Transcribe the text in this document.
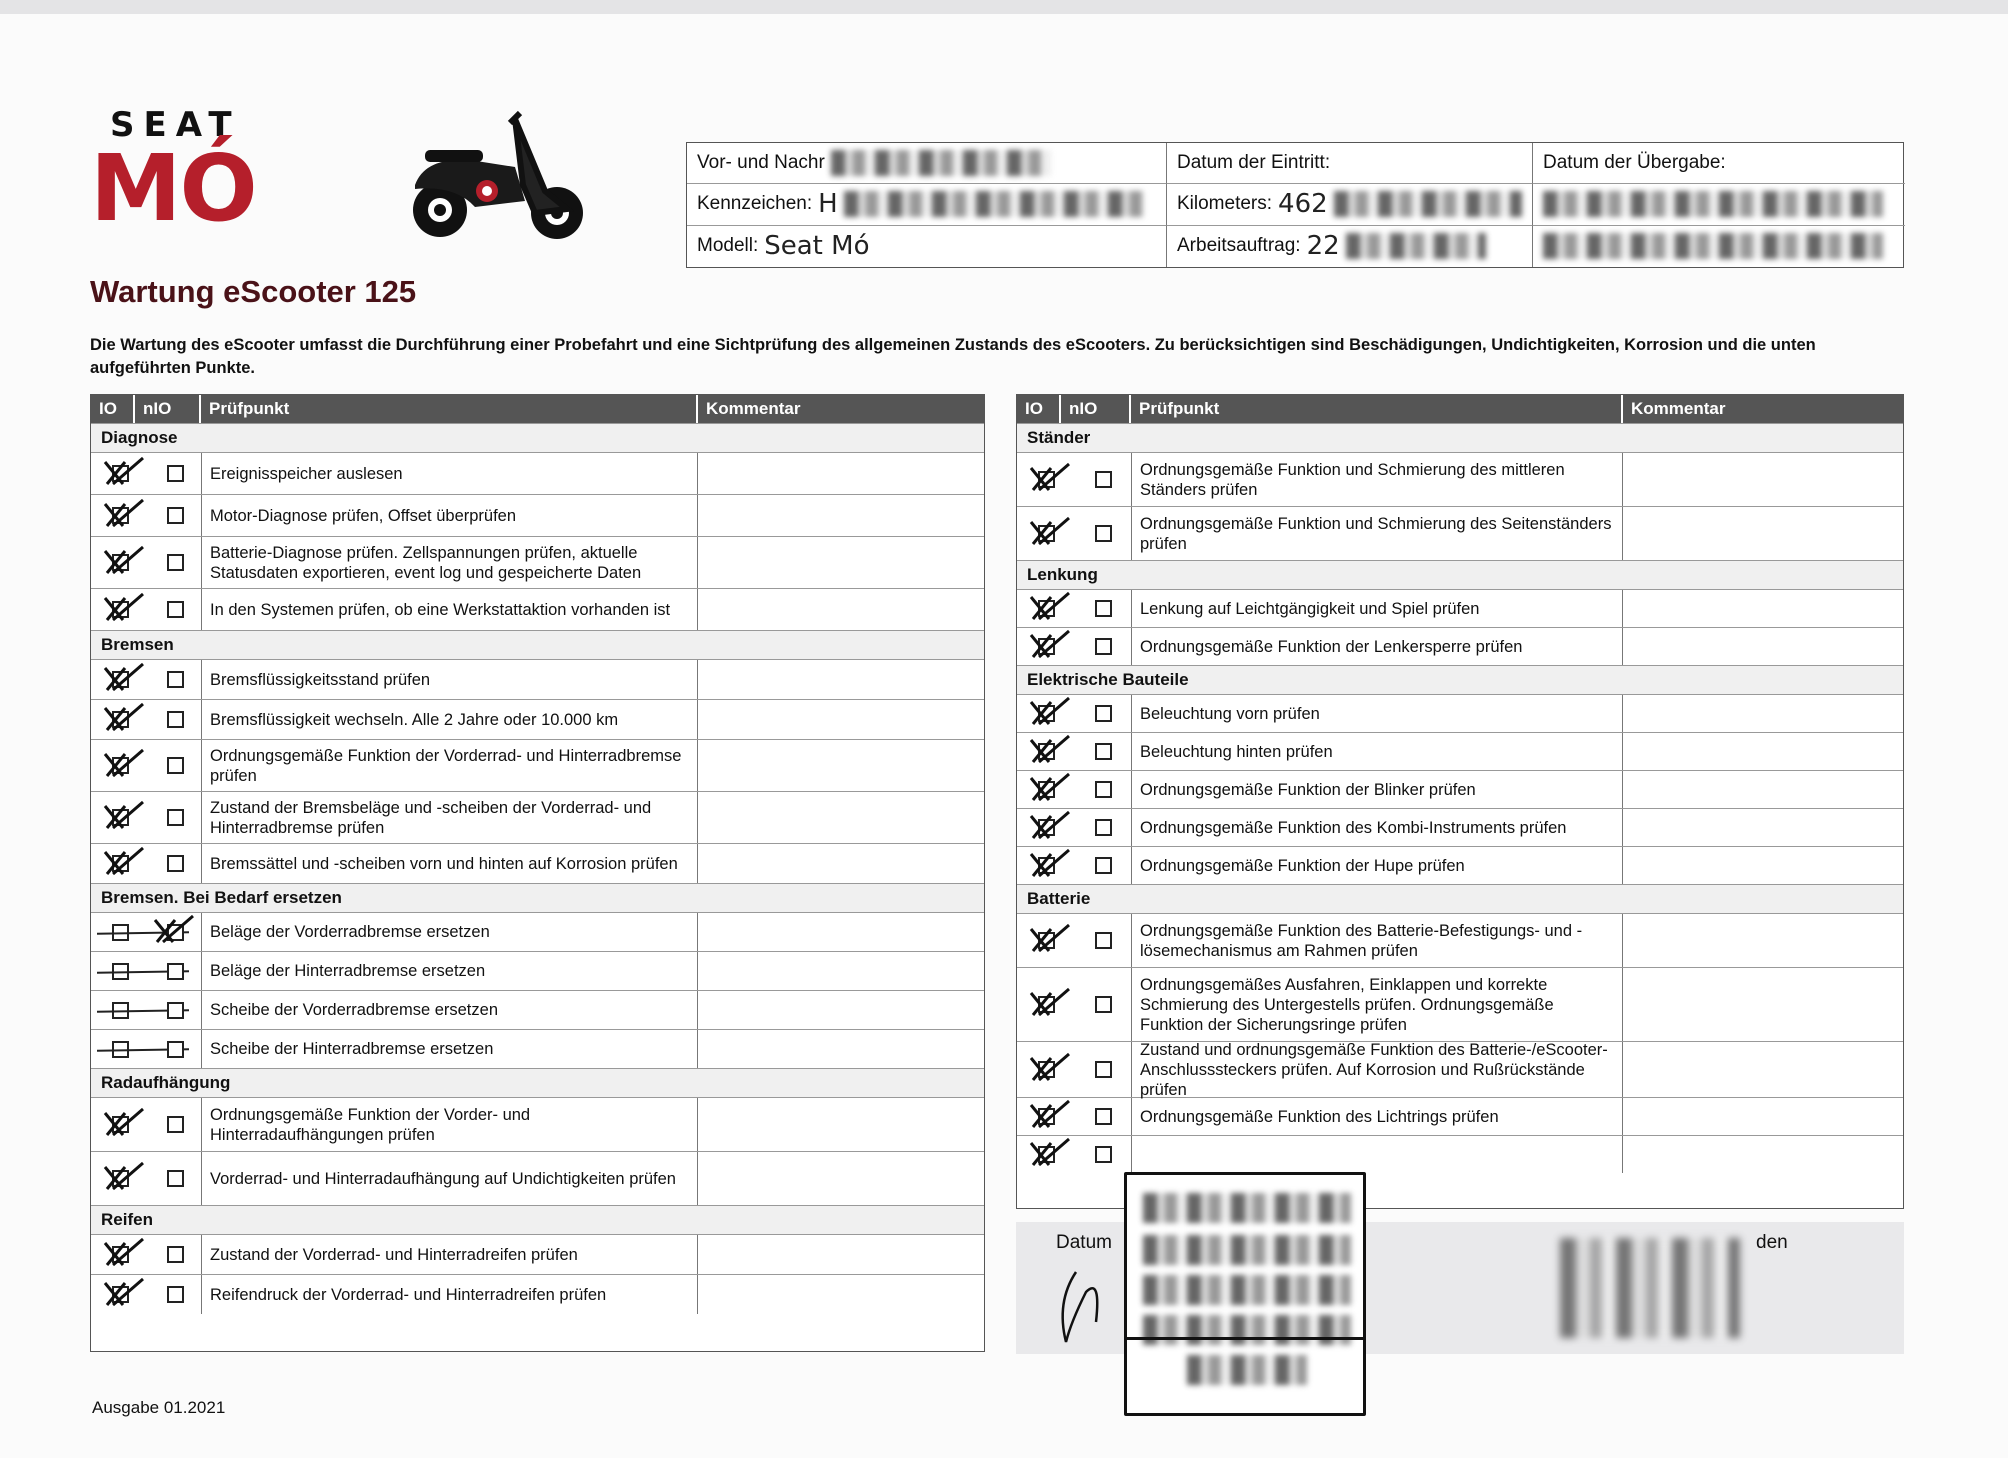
SEAT
MÓ
Wartung eScooter 125
Die Wartung des eScooter umfasst die Durchführung einer Probefahrt und eine Sichtprüfung des allgemeinen Zustands des eScooters. Zu berücksichtigen sind Beschädigungen, Undichtigkeiten, Korrosion und die unten aufgeführten Punkte.
Vor- und Nachr	Datum der Eintritt:	Datum der Übergabe:
Kennzeichen: H	Kilometers: 462
Modell: Seat Mó	Arbeitsauftrag: 22
IO	nIO	Prüfpunkt	Kommentar
Diagnose
Ereignisspeicher auslesen
Motor-Diagnose prüfen, Offset überprüfen
Batterie-Diagnose prüfen. Zellspannungen prüfen, aktuelle Statusdaten exportieren, event log und gespeicherte Daten
In den Systemen prüfen, ob eine Werkstattaktion vorhanden ist
Bremsen
Bremsflüssigkeitsstand prüfen
Bremsflüssigkeit wechseln. Alle 2 Jahre oder 10.000 km
Ordnungsgemäße Funktion der Vorderrad- und Hinterradbremse prüfen
Zustand der Bremsbeläge und -scheiben der Vorderrad- und Hinterradbremse prüfen
Bremssättel und -scheiben vorn und hinten auf Korrosion prüfen
Bremsen. Bei Bedarf ersetzen
Beläge der Vorderradbremse ersetzen
Beläge der Hinterradbremse ersetzen
Scheibe der Vorderradbremse ersetzen
Scheibe der Hinterradbremse ersetzen
Radaufhängung
Ordnungsgemäße Funktion der Vorder- und Hinterradaufhängungen prüfen
Vorderrad- und Hinterradaufhängung auf Undichtigkeiten prüfen
Reifen
Zustand der Vorderrad- und Hinterradreifen prüfen
Reifendruck der Vorderrad- und Hinterradreifen prüfen
IO	nIO	Prüfpunkt	Kommentar
Ständer
Ordnungsgemäße Funktion und Schmierung des mittleren Ständers prüfen
Ordnungsgemäße Funktion und Schmierung des Seitenständers prüfen
Lenkung
Lenkung auf Leichtgängigkeit und Spiel prüfen
Ordnungsgemäße Funktion der Lenkersperre prüfen
Elektrische Bauteile
Beleuchtung vorn prüfen
Beleuchtung hinten prüfen
Ordnungsgemäße Funktion der Blinker prüfen
Ordnungsgemäße Funktion des Kombi-Instruments prüfen
Ordnungsgemäße Funktion der Hupe prüfen
Batterie
Ordnungsgemäße Funktion des Batterie-Befestigungs- und -lösemechanismus am Rahmen prüfen
Ordnungsgemäßes Ausfahren, Einklappen und korrekte Schmierung des Untergestells prüfen. Ordnungsgemäße Funktion der Sicherungsringe prüfen
Zustand und ordnungsgemäße Funktion des Batterie-/eScooter-Anschlusssteckers prüfen. Auf Korrosion und Rußrückstände prüfen
Ordnungsgemäße Funktion des Lichtrings prüfen
Datum	den
Ausgabe 01.2021
